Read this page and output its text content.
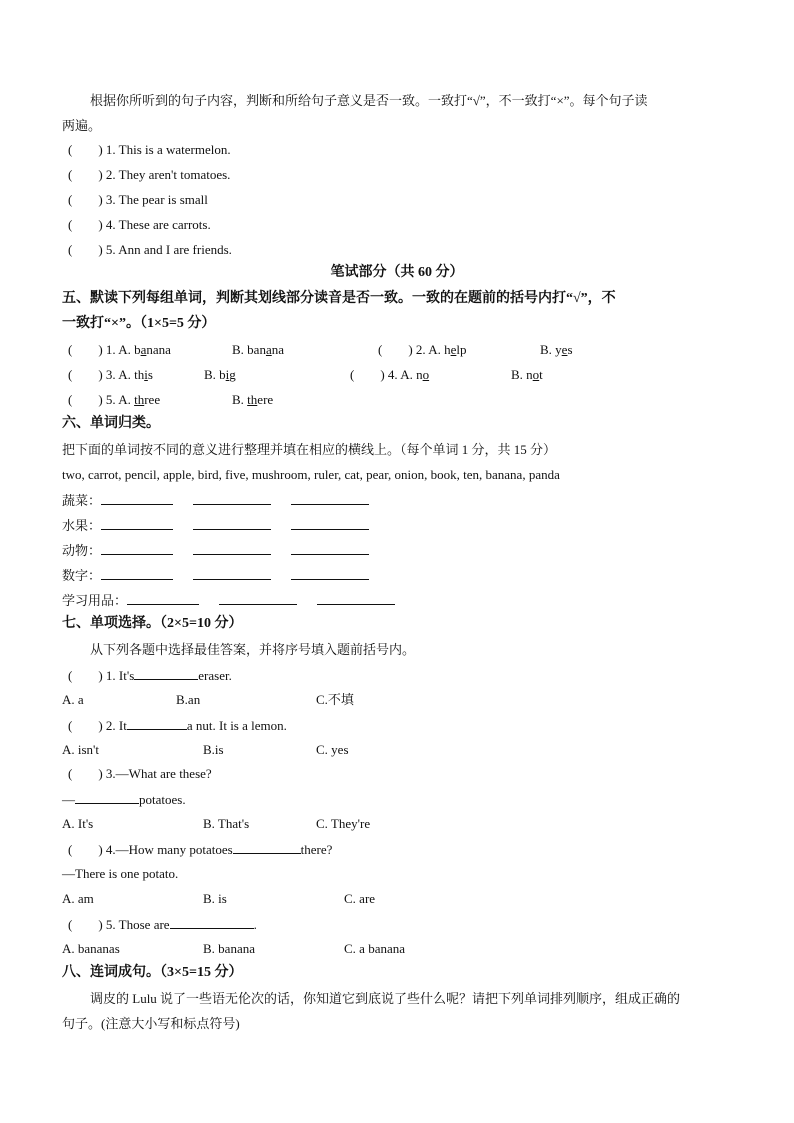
根据你所听到的句子内容，判断和所给句子意义是否一致。一致打“√”，不一致打“×”。每个句子读
两遍。
(        ) 1. This is a watermelon.
(        ) 2. They aren't tomatoes.
(        ) 3. The pear is small
(        ) 4. These are carrots.
(        ) 5. Ann and I are friends.
笔试部分（共 60 分）
五、默读下列每组单词，判断其划线部分读音是否一致。一致的在题前的括号内打“√”，不
一致打“×”。（1×5=5 分）
(        ) 1. A. banana	B. banana	(        ) 2. A. help	B. yes
(        ) 3. A. this	B. big	(        ) 4. A. no	B. not
(        ) 5. A. three	B. there
六、单词归类。
把下面的单词按不同的意义进行整理并填在相应的横线上。（每个单词 1 分，共 15 分）
two, carrot, pencil, apple, bird, five, mushroom, ruler, cat, pear, onion, book, ten, banana, panda
蔬菜：
水果：
动物：
数字：
学习用品：
七、单项选择。（2×5=10 分）
从下列各题中选择最佳答案，并将序号填入题前括号内。
(        ) 1. It's	eraser.
A. a	B.an	C.不填
(        ) 2. It	a nut. It is a lemon.
A. isn't	B.is	C. yes
(        ) 3.—What are these?
—	potatoes.
A. It's	B. That's	C. They're
(        ) 4.—How many potatoes	there?
—There is one potato.
A. am	B. is	C. are
(        ) 5. Those are	.
A. bananas	B. banana	C. a banana
八、连词成句。（3×5=15 分）
调皮的 Lulu 说了一些语无伦次的话，你知道它到底说了些什么呢？请把下列单词排列顺序，组成正确的
句子。(注意大小写和标点符号)
